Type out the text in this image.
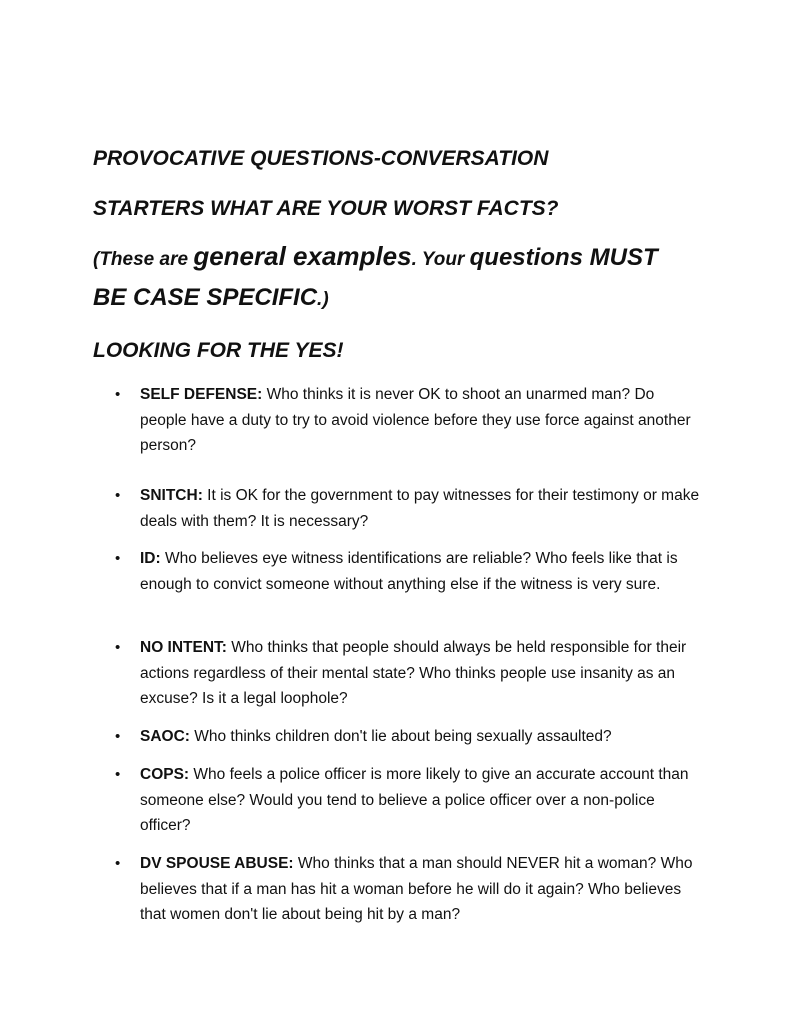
PROVOCATIVE QUESTIONS-CONVERSATION
STARTERS WHAT ARE YOUR WORST FACTS?

(These are general examples. Your questions MUST

BE CASE SPECIFIC.)

LOOKING FOR THE YES!
• SELF DEFENSE: Who thinks it is never OK to shoot an unarmed man? Do people have a duty to try to avoid violence before they use force against another person?
• SNITCH: It is OK for the government to pay witnesses for their testimony or make deals with them? It is necessary?
• ID: Who believes eye witness identifications are reliable? Who feels like that is enough to convict someone without anything else if the witness is very sure.
• NO INTENT: Who thinks that people should always be held responsible for their actions regardless of their mental state? Who thinks people use insanity as an excuse? Is it a legal loophole?
• SAOC: Who thinks children don't lie about being sexually assaulted?
• COPS: Who feels a police officer is more likely to give an accurate account than someone else? Would you tend to believe a police officer over a non-police officer?
• DV SPOUSE ABUSE: Who thinks that a man should NEVER hit a woman? Who believes that if a man has hit a woman before he will do it again? Who believes that women don't lie about being hit by a man?
